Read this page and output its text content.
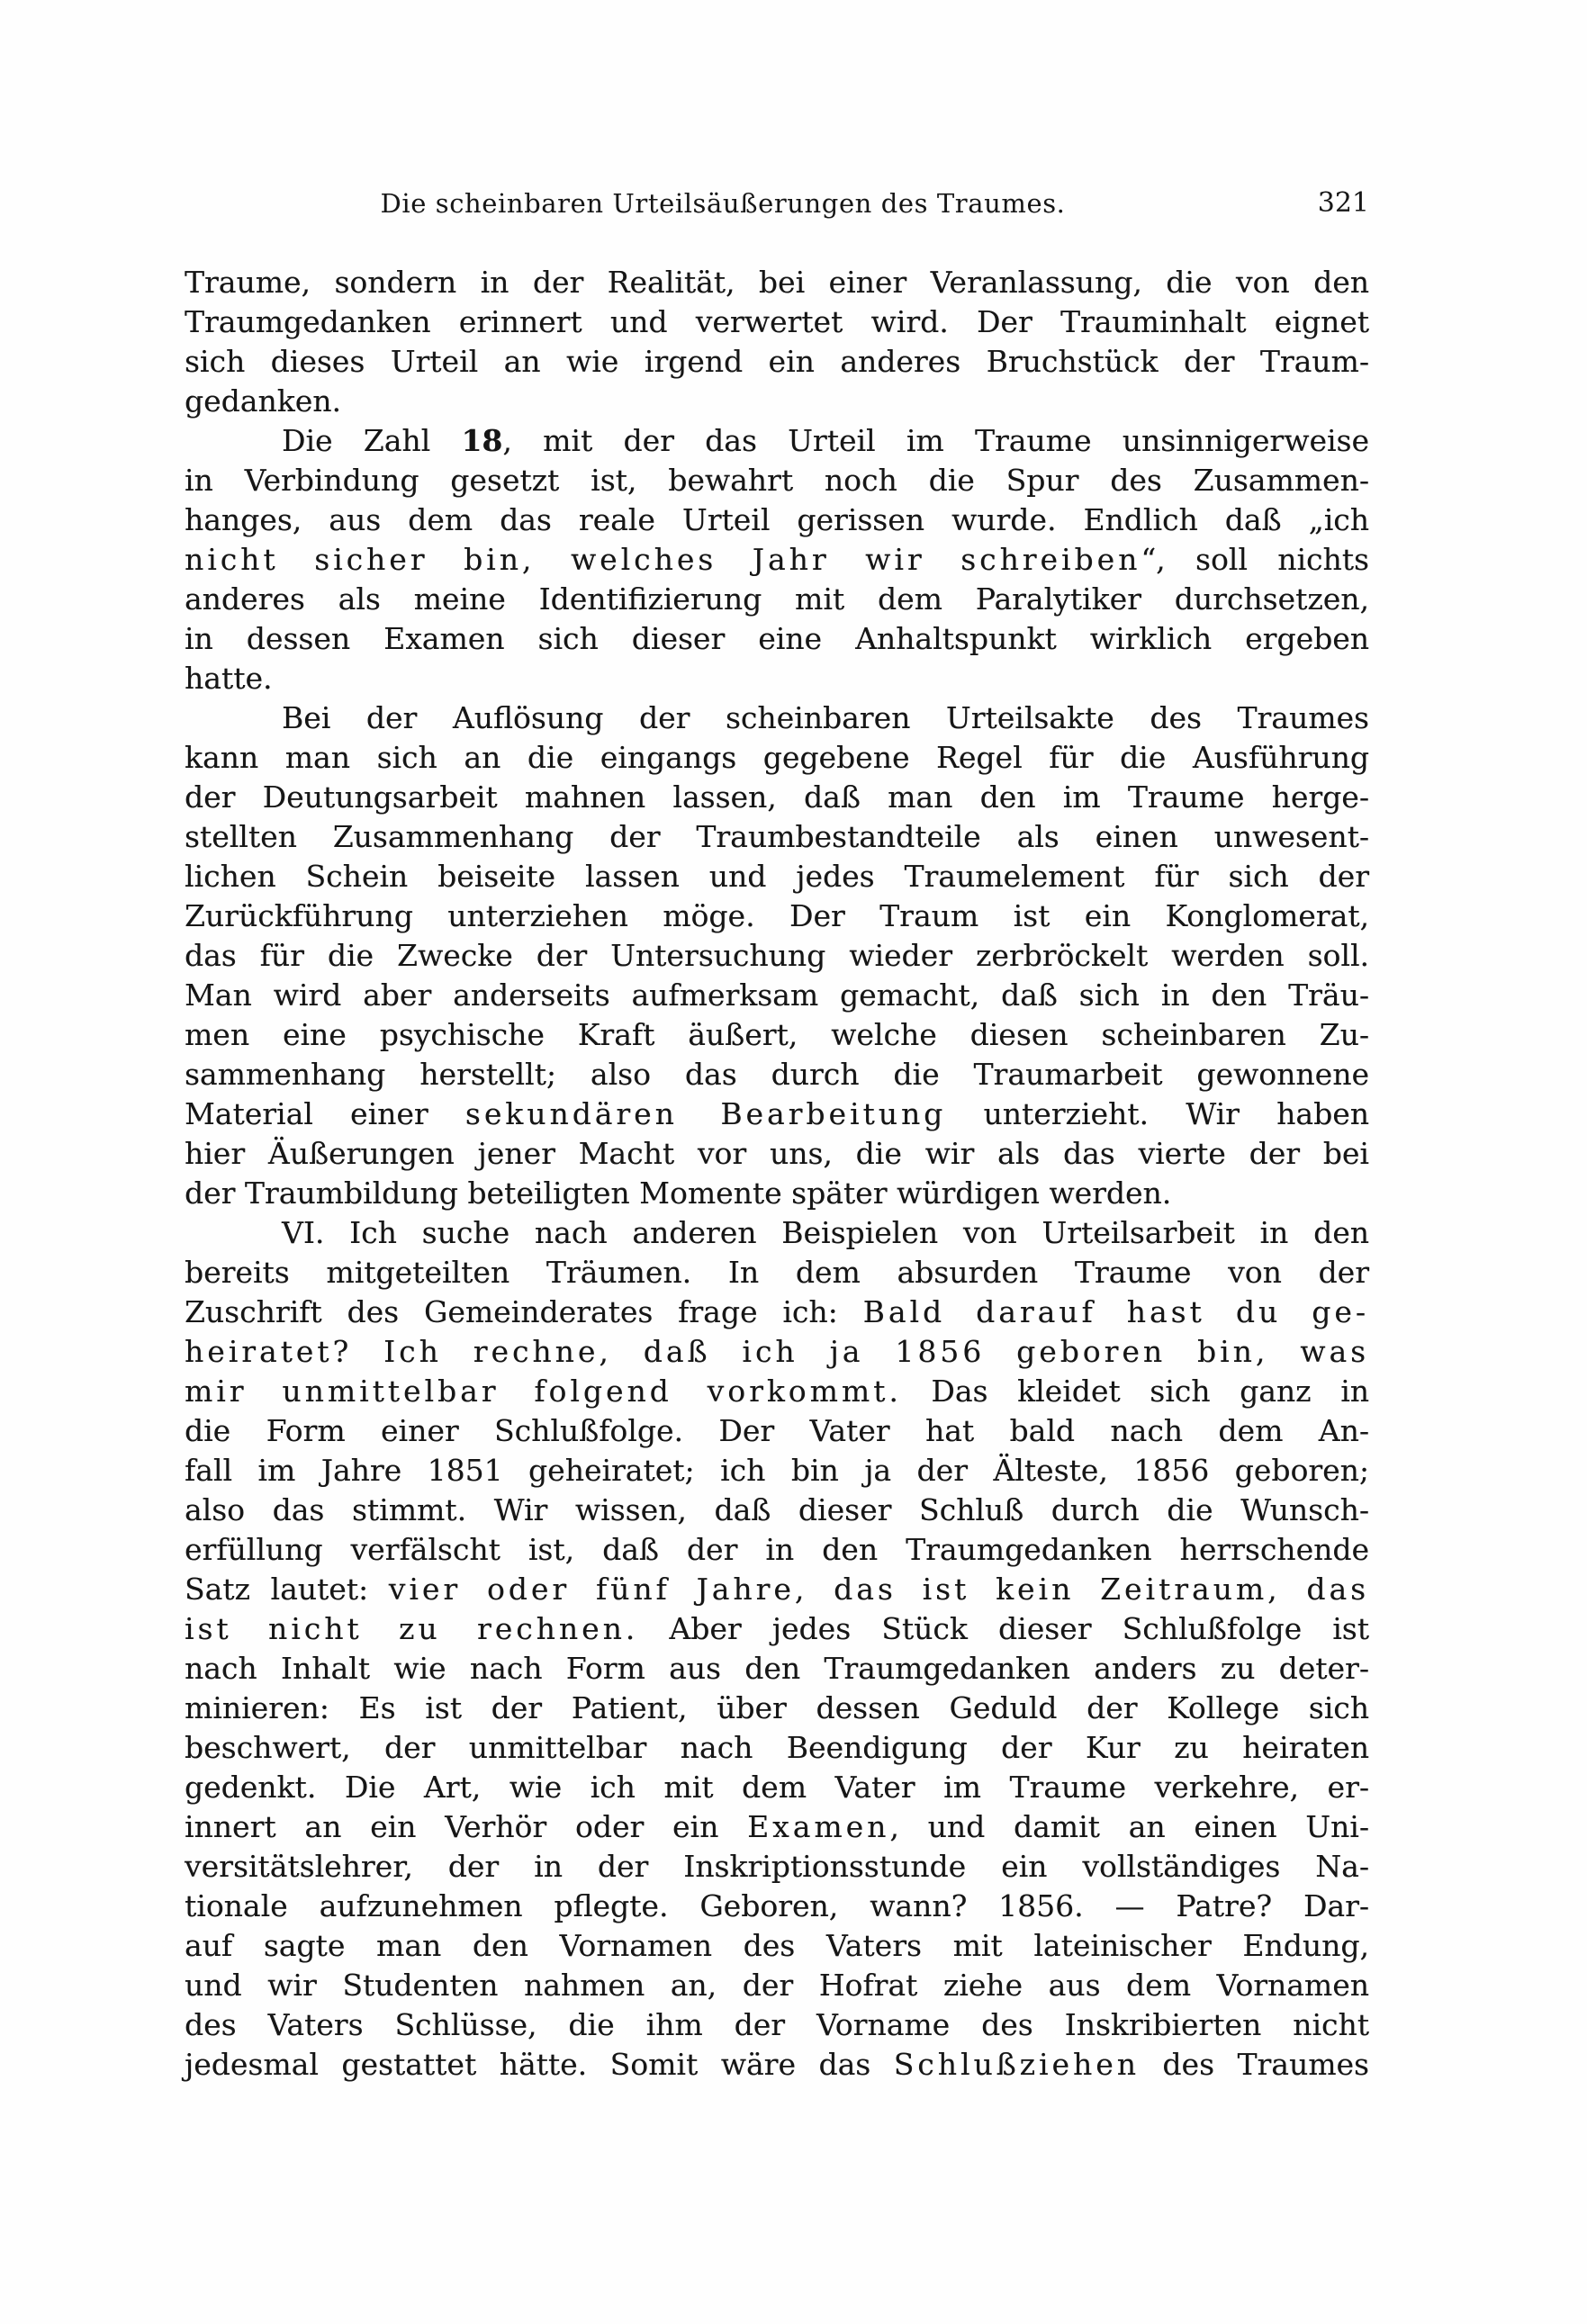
Die scheinbaren Urteilsäußerungen des Traumes.	321
Traume, sondern in der Realität, bei einer Veranlassung, die von den
Traumgedanken erinnert und verwertet wird. Der Trauminhalt eignet
sich dieses Urteil an wie irgend ein anderes Bruchstück der Traum-
gedanken.
Die Zahl 18, mit der das Urteil im Traume unsinnigerweise
in Verbindung gesetzt ist, bewahrt noch die Spur des Zusammen-
hanges, aus dem das reale Urteil gerissen wurde. Endlich daß „ich
nicht sicher bin, welches Jahr wir schreiben“, soll nichts
anderes als meine Identifizierung mit dem Paralytiker durchsetzen,
in dessen Examen sich dieser eine Anhaltspunkt wirklich ergeben
hatte.
Bei der Auflösung der scheinbaren Urteilsakte des Traumes
kann man sich an die eingangs gegebene Regel für die Ausführung
der Deutungsarbeit mahnen lassen, daß man den im Traume herge-
stellten Zusammenhang der Traumbestandteile als einen unwesent-
lichen Schein beiseite lassen und jedes Traumelement für sich der
Zurückführung unterziehen möge. Der Traum ist ein Konglomerat,
das für die Zwecke der Untersuchung wieder zerbröckelt werden soll.
Man wird aber anderseits aufmerksam gemacht, daß sich in den Träu-
men eine psychische Kraft äußert, welche diesen scheinbaren Zu-
sammenhang herstellt; also das durch die Traumarbeit gewonnene
Material einer sekundären Bearbeitung unterzieht. Wir haben
hier Äußerungen jener Macht vor uns, die wir als das vierte der bei
der Traumbildung beteiligten Momente später würdigen werden.
VI. Ich suche nach anderen Beispielen von Urteilsarbeit in den
bereits mitgeteilten Träumen. In dem absurden Traume von der
Zuschrift des Gemeinderates frage ich: Bald darauf hast du ge-
heiratet? Ich rechne, daß ich ja 1856 geboren bin, was
mir unmittelbar folgend vorkommt. Das kleidet sich ganz in
die Form einer Schlußfolge. Der Vater hat bald nach dem An-
fall im Jahre 1851 geheiratet; ich bin ja der Älteste, 1856 geboren;
also das stimmt. Wir wissen, daß dieser Schluß durch die Wunsch-
erfüllung verfälscht ist, daß der in den Traumgedanken herrschende
Satz lautet: vier oder fünf Jahre, das ist kein Zeitraum, das
ist nicht zu rechnen. Aber jedes Stück dieser Schlußfolge ist
nach Inhalt wie nach Form aus den Traumgedanken anders zu deter-
minieren: Es ist der Patient, über dessen Geduld der Kollege sich
beschwert, der unmittelbar nach Beendigung der Kur zu heiraten
gedenkt. Die Art, wie ich mit dem Vater im Traume verkehre, er-
innert an ein Verhör oder ein Examen, und damit an einen Uni-
versitätslehrer, der in der Inskriptionsstunde ein vollständiges Na-
tionale aufzunehmen pflegte. Geboren, wann? 1856. — Patre? Dar-
auf sagte man den Vornamen des Vaters mit lateinischer Endung,
und wir Studenten nahmen an, der Hofrat ziehe aus dem Vornamen
des Vaters Schlüsse, die ihm der Vorname des Inskribierten nicht
jedesmal gestattet hätte. Somit wäre das Schlußziehen des Traumes
